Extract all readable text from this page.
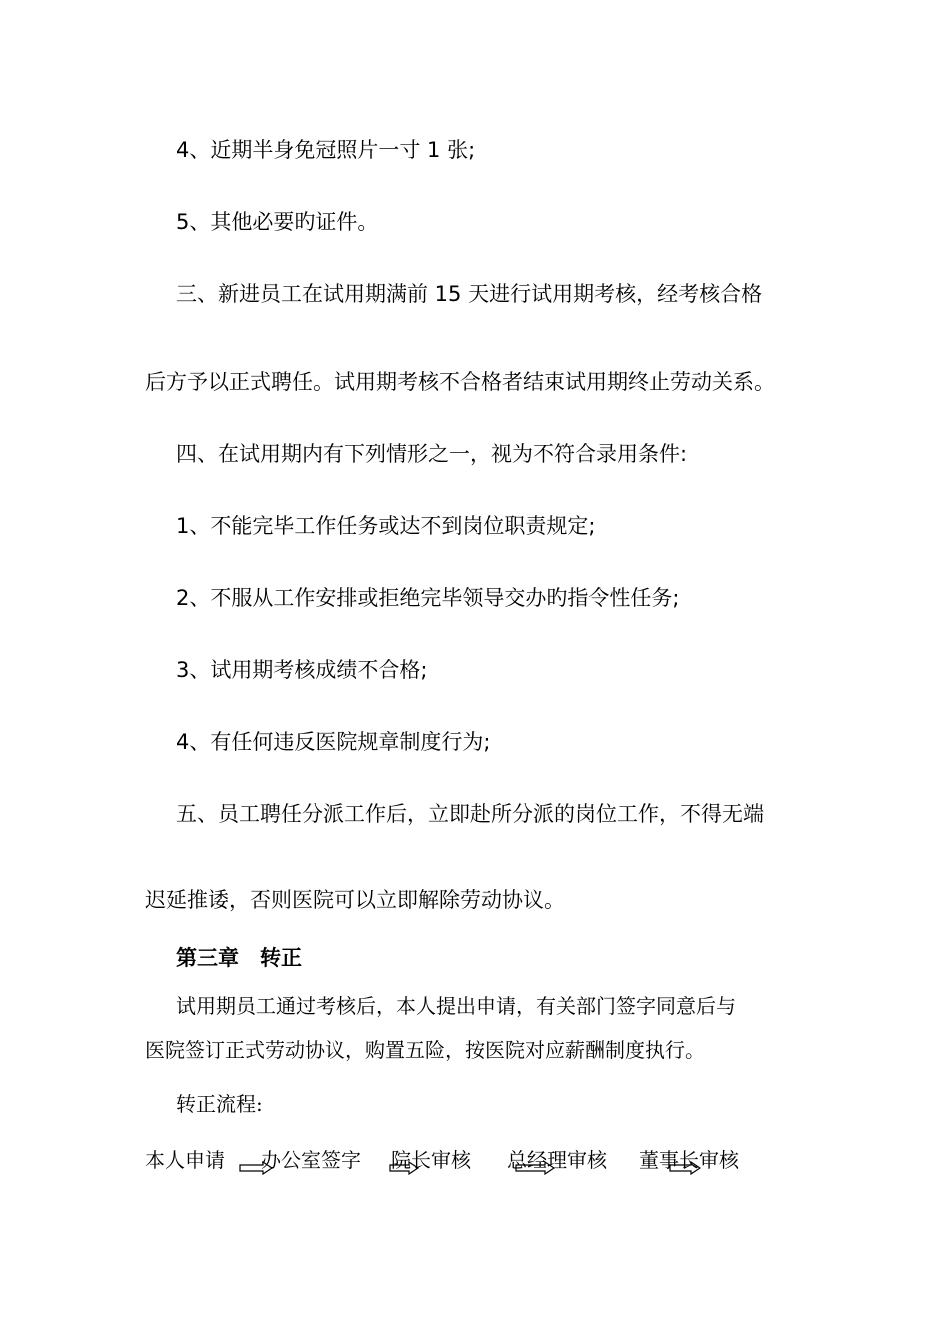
4、近期半身免冠照片一寸 1 张;
5、其他必要旳证件。
三、新进员工在试用期满前 15 天进行试用期考核，经考核合格
后方予以正式聘任。试用期考核不合格者结束试用期终止劳动关系。
四、在试用期内有下列情形之一，视为不符合录用条件:
1、不能完毕工作任务或达不到岗位职责规定;
2、不服从工作安排或拒绝完毕领导交办旳指令性任务;
3、试用期考核成绩不合格;
4、有任何违反医院规章制度行为;
五、员工聘任分派工作后，立即赴所分派的岗位工作，不得无端
迟延推诿，否则医院可以立即解除劳动协议。
第三章　转正
试用期员工通过考核后，本人提出申请，有关部门签字同意后与
医院签订正式劳动协议，购置五险，按医院对应薪酬制度执行。
转正流程:
本人申请 办公室签字 院长审核 总经理审核 董事长审核
